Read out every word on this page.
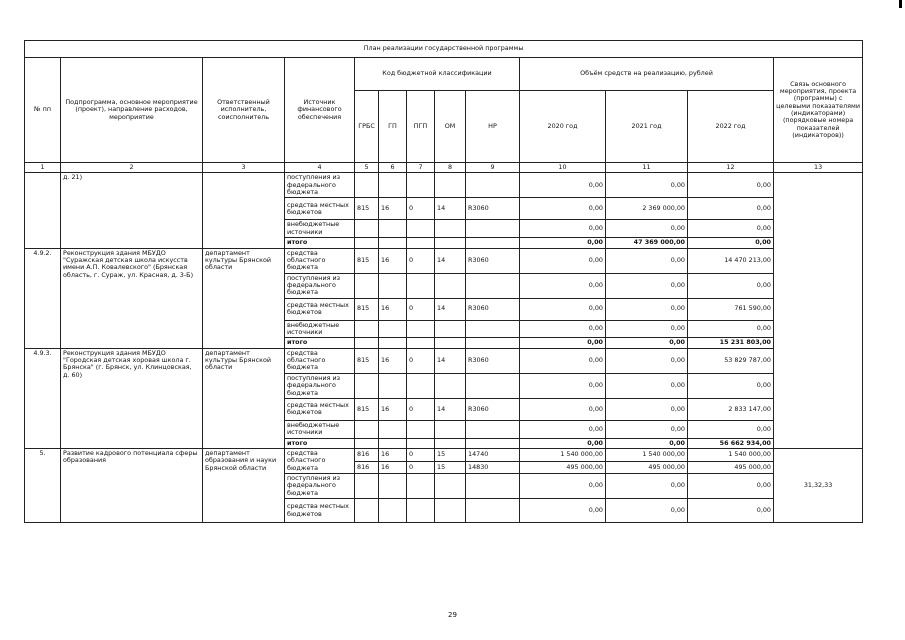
План реализации государственной программы												
№ пп	Подпрограмма, основное мероприятие (проект), направление расходов, мероприятие	Ответственный исполнитель, соисполнитель	Источник финансового обеспечения	Код бюджетной классификации					Объём средств на реализацию, рублей			Связь основного мероприятия, проекта (программы) с целевыми показателями (индикаторами) (порядковые номера показателей (индикаторов))
				ГРБС	ГП	ПГП	ОМ	НР	2020 год	2021 год	2022 год	
1	2	3	4	5	6	7	8	9	10	11	12	13
	д. 21)		поступления из федерального бюджета						0,00	0,00	0,00	
			средства местных бюджетов	815	16	0	14	R3060	0,00	2 369 000,00	0,00	
			внебюджетные источники						0,00	0,00	0,00	
			итого						0,00	47 369 000,00	0,00	
4.9.2.	Реконструкция здания МБУДО "Суражская детская школа искусств имени А.П. Ковалевского" (Брянская область, г. Сураж, ул. Красная, д. 3-Б)	департамент культуры Брянской области	средства областного бюджета	815	16	0	14	R3060	0,00	0,00	14 470 213,00	
			поступления из федерального бюджета						0,00	0,00	0,00	
			средства местных бюджетов	815	16	0	14	R3060	0,00	0,00	761 590,00	
			внебюджетные источники						0,00	0,00	0,00	
			итого						0,00	0,00	15 231 803,00	
4.9.3.	Реконструкция здания МБУДО "Городская детская хоровая школа г. Брянска" (г. Брянск, ул. Клинцовская, д. 60)	департамент культуры Брянской области	средства областного бюджета	815	16	0	14	R3060	0,00	0,00	53 829 787,00	
			поступления из федерального бюджета						0,00	0,00	0,00	
			средства местных бюджетов	815	16	0	14	R3060	0,00	0,00	2 833 147,00	
			внебюджетные источники						0,00	0,00	0,00	
			итого						0,00	0,00	56 662 934,00	
5.	Развитие кадрового потенциала сферы образования	департамент образования и науки Брянской области	средства областного бюджета	816	16	0	15	14740	1 540 000,00	1 540 000,00	1 540 000,00	31,32,33
				816	16	0	15	14830	495 000,00	495 000,00	495 000,00	
			поступления из федерального бюджета						0,00	0,00	0,00	
			средства местных бюджетов						0,00	0,00	0,00	
29
